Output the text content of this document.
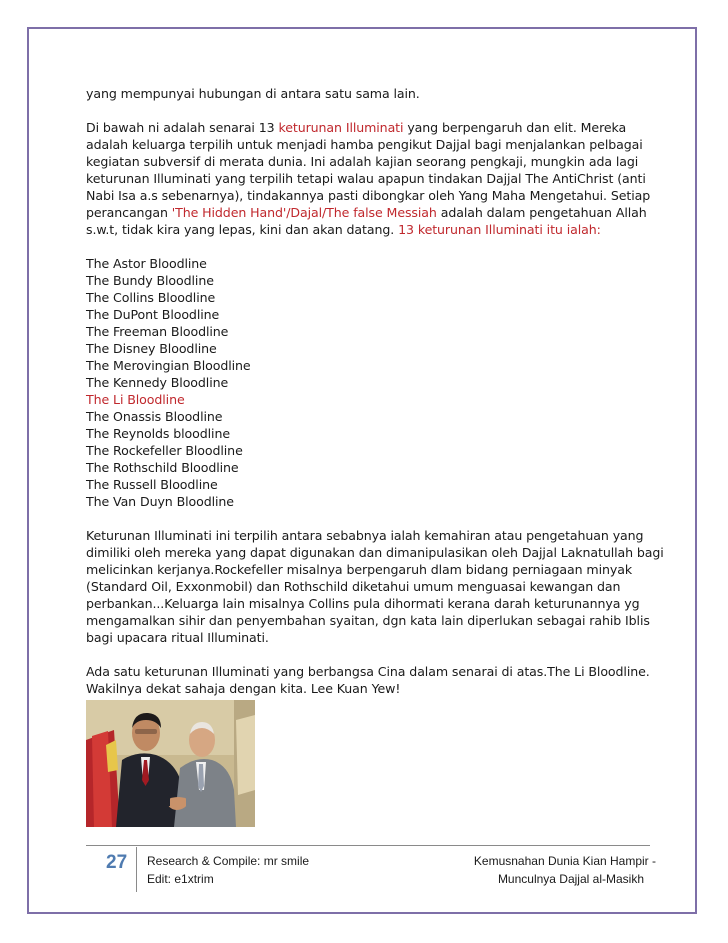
yang mempunyai hubungan di antara satu sama lain.

Di bawah ni adalah senarai 13 keturunan Illuminati yang berpengaruh dan elit. Mereka adalah keluarga terpilih untuk menjadi hamba pengikut Dajjal bagi menjalankan pelbagai kegiatan subversif di merata dunia. Ini adalah kajian seorang pengkaji, mungkin ada lagi keturunan Illuminati yang terpilih tetapi walau apapun tindakan Dajjal The AntiChrist (anti Nabi Isa a.s sebenarnya), tindakannya pasti dibongkar oleh Yang Maha Mengetahui. Setiap perancangan 'The Hidden Hand'/Dajal/The false Messiah adalah dalam pengetahuan Allah s.w.t, tidak kira yang lepas, kini dan akan datang. 13 keturunan Illuminati itu ialah:

The Astor Bloodline
The Bundy Bloodline
The Collins Bloodline
The DuPont Bloodline
The Freeman Bloodline
The Disney Bloodline
The Merovingian Bloodline
The Kennedy Bloodline
The Li Bloodline
The Onassis Bloodline
The Reynolds bloodline
The Rockefeller Bloodline
The Rothschild Bloodline
The Russell Bloodline
The Van Duyn Bloodline

Keturunan Illuminati ini terpilih antara sebabnya ialah kemahiran atau pengetahuan yang dimiliki oleh mereka yang dapat digunakan dan dimanipulasikan oleh Dajjal Laknatullah bagi melicinkan kerjanya.Rockefeller misalnya berpengaruh dlam bidang perniagaan minyak (Standard Oil, Exxonmobil) dan Rothschild diketahui umum menguasai kewangan dan perbankan...Keluarga lain misalnya Collins pula dihormati kerana darah keturunannya yg mengamalkan sihir dan penyembahan syaitan, dgn kata lain diperlukan sebagai rahib Iblis bagi upacara ritual Illuminati.

Ada satu keturunan Illuminati yang berbangsa Cina dalam senarai di atas.The Li Bloodline. Wakilnya dekat sahaja dengan kita. Lee Kuan Yew!

27	Research & Compile: mr smile
Edit: e1xtrim
Kemusnahan Dunia Kian Hampir -
Munculnya Dajjal al-Masikh
